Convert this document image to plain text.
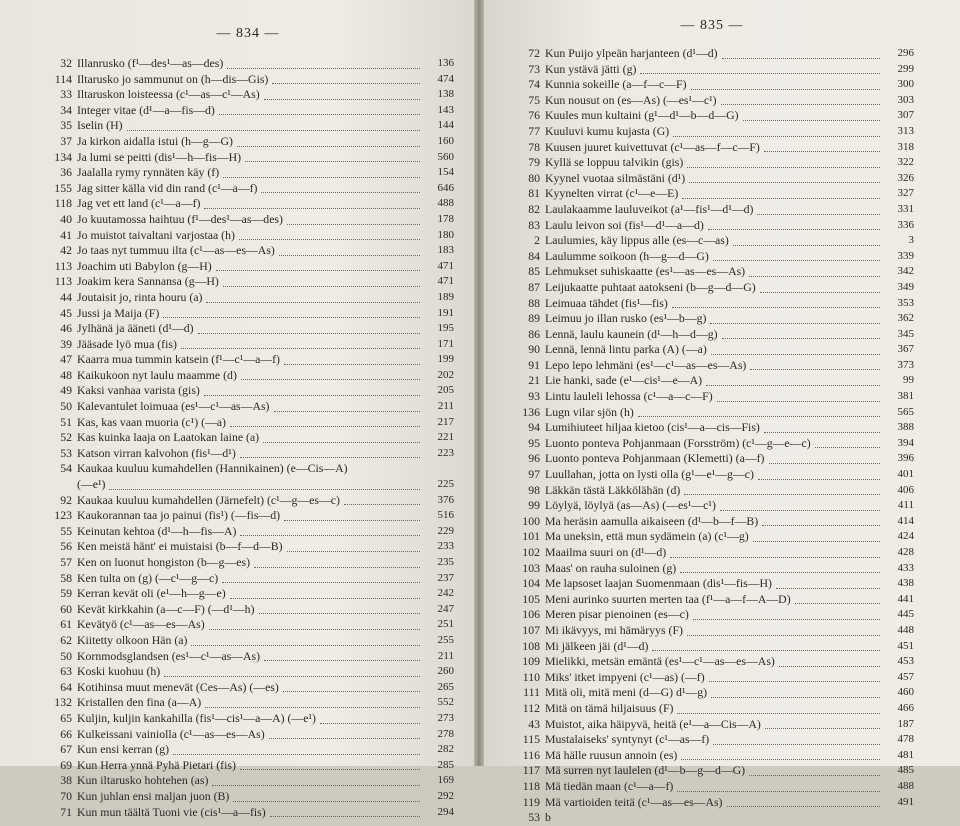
— 834 —
32 Illanrusko (f¹—des¹—as—des)	136
114 Iltarusko jo sammunut on (h—dis—Gis)	474
33 Iltaruskon loisteessa (c¹—as—c¹—As)	138
34 Integer vitae (d¹—a—fis—d)	143
35 Iselin (H)	144
37 Ja kirkon aidalla istui (h—g—G)	160
134 Ja lumi se peitti (dis¹—h—fis—H)	560
36 Jaalalla rymy rynnäten käy (f)	154
155 Jag sitter källa vid din rand (c¹—a—f)	646
118 Jag vet ett land (c¹—a—f)	488
40 Jo kuutamossa haihtuu (f¹—des¹—as—des)	178
41 Jo muistot taivaltani varjostaa (h)	180
42 Jo taas nyt tummuu ilta (c¹—as—es—As)	183
113 Joachim uti Babylon (g—H)	471
113 Joakim kera Sannansa (g—H)	471
44 Joutaisit jo, rinta houru (a)	189
45 Jussi ja Maija (F)	191
46 Jylhänä ja ääneti (d¹—d)	195
39 Jääsade lyö mua (fis)	171
47 Kaarra mua tummin katsein (f¹—c¹—a—f)	199
48 Kaikukoon nyt laulu maamme (d)	202
49 Kaksi vanhaa varista (gis)	205
50 Kalevantulet loimuaa (es¹—c¹—as—As)	211
51 Kas, kas vaan muoria (c¹) (—a)	217
52 Kas kuinka laaja on Laatokan laine (a)	221
53 Katson virran kalvohon (fis¹—d¹)	223
54 Kaukaa kuuluu kumahdellen (Hannikainen) (e—Cis—A)
(—e¹)	225
92 Kaukaa kuuluu kumahdellen (Järnefelt) (c¹—g—es—c)	376
123 Kaukorannan taa jo painui (fis¹) (—fis—d)	516
55 Keinutan kehtoa (d¹—h—fis—A)	229
56 Ken meistä hänt' ei muistaisi (b—f—d—B)	233
57 Ken on luonut hongiston (b—g—es)	235
58 Ken tulta on (g) (—c¹—g—c)	237
59 Kerran kevät oli (e¹—h—g—e)	242
60 Kevät kirkkahin (a—c—F) (—d¹—h)	247
61 Kevätyö (c¹—as—es—As)	251
62 Kiitetty olkoon Hän (a)	255
50 Kornmodsglandsen (es¹—c¹—as—As)	211
63 Koski kuohuu (h)	260
64 Kotihinsa muut menevät (Ces—As) (—es)	265
132 Kristallen den fina (a—A)	552
65 Kuljin, kuljin kankahilla (fis¹—cis¹—a—A) (—e¹)	273
66 Kulkeissani vainiolla (c¹—as—es—As)	278
67 Kun ensi kerran (g)	282
69 Kun Herra ynnä Pyhä Pietari (fis)	285
38 Kun iltarusko hohtehen (as)	169
70 Kun juhlan ensi maljan juon (B)	292
71 Kun mun täältä Tuoni vie (cis¹—a—fis)	294
— 835 —
72 Kun Puijo ylpeän harjanteen (d¹—d)	296
73 Kun ystävä jätti (g)	299
74 Kunnia sokeille (a—f—c—F)	300
75 Kun nousut on (es—As) (—es¹—c¹)	303
76 Kuules mun kultaini (g¹—d¹—b—d—G)	307
77 Kuuluvi kumu kujasta (G)	313
78 Kuusen juuret kuivettuvat (c¹—as—f—c—F)	318
79 Kyllä se loppuu talvikin (gis)	322
80 Kyynel vuotaa silmästäni (d¹)	326
81 Kyynelten virrat (c¹—e—E)	327
82 Laulakaamme lauluveikot (a¹—fis¹—d¹—d)	331
83 Laulu leivon soi (fis¹—d¹—a—d)	336
2 Laulumies, käy lippus alle (es—c—as)	3
84 Laulumme soikoon (h—g—d—G)	339
85 Lehmukset suhiskaatte (es¹—as—es—As)	342
87 Leijukaatte puhtaat aatokseni (b—g—d—G)	349
88 Leimuaa tähdet (fis¹—fis)	353
89 Leimuu jo illan rusko (es¹—b—g)	362
86 Lennä, laulu kaunein (d¹—h—d—g)	345
90 Lennä, lennä lintu parka (A) (—a)	367
91 Lepo lepo lehmäni (es¹—c¹—as—es—As)	373
21 Lie hanki, sade (e¹—cis¹—e—A)	99
93 Lintu lauleli lehossa (c¹—a—c—F)	381
136 Lugn vilar sjön (h)	565
94 Lumihiuteet hiljaa kietoo (cis¹—a—cis—Fis)	388
95 Luonto ponteva Pohjanmaan (Forsström) (c¹—g—e—c)	394
96 Luonto ponteva Pohjanmaan (Klemetti) (a—f)	396
97 Luullahan, jotta on lysti olla (g¹—e¹—g—c)	401
98 Läkkän tästä Läkkölähän (d)	406
99 Löylyä, löylyä (as—As) (—es¹—c¹)	411
100 Ma heräsin aamulla aikaiseen (d¹—b—f—B)	414
101 Ma uneksin, että mun sydämein (a) (c¹—g)	424
102 Maailma suuri on (d¹—d)	428
103 Maas' on rauha suloinen (g)	433
104 Me lapsoset laajan Suomenmaan (dis¹—fis—H)	438
105 Meni aurinko suurten merten taa (f¹—a—f—A—D)	441
106 Meren pisar pienoinen (es—c)	445
107 Mi ikävyys, mi hämäryys (F)	448
108 Mi jälkeen jäi (d¹—d)	451
109 Mielikki, metsän emäntä (es¹—c¹—as—es—As)	453
110 Miks' itket impyeni (c¹—as) (—f)	457
111 Mitä oli, mitä meni (d—G) d¹—g)	460
112 Mitä on tämä hiljaisuus (F)	466
43 Muistot, aika häipyvä, heitä (e¹—a—Cis—A)	187
115 Mustalaiseks' syntynyt (c¹—as—f)	478
116 Mä hälle ruusun annoin (es)	481
117 Mä surren nyt laulelen (d¹—b—g—d—G)	485
118 Mä tiedän maan (c¹—a—f)	488
119 Mä vartioiden teitä (c¹—as—es—As)	491
53 b
